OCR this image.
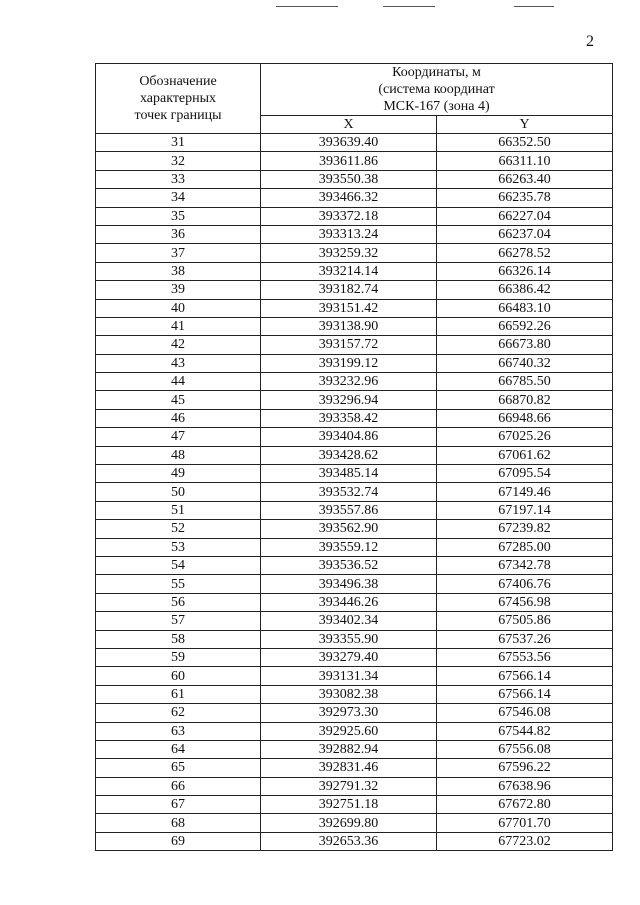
2
Обозначение
характерных
точек границы	Координаты, м
(система координат
МСК-167 (зона 4)	

	X	Y
31	393639.40	66352.50
32	393611.86	66311.10
33	393550.38	66263.40
34	393466.32	66235.78
35	393372.18	66227.04
36	393313.24	66237.04
37	393259.32	66278.52
38	393214.14	66326.14
39	393182.74	66386.42
40	393151.42	66483.10
41	393138.90	66592.26
42	393157.72	66673.80
43	393199.12	66740.32
44	393232.96	66785.50
45	393296.94	66870.82
46	393358.42	66948.66
47	393404.86	67025.26
48	393428.62	67061.62
49	393485.14	67095.54
50	393532.74	67149.46
51	393557.86	67197.14
52	393562.90	67239.82
53	393559.12	67285.00
54	393536.52	67342.78
55	393496.38	67406.76
56	393446.26	67456.98
57	393402.34	67505.86
58	393355.90	67537.26
59	393279.40	67553.56
60	393131.34	67566.14
61	393082.38	67566.14
62	392973.30	67546.08
63	392925.60	67544.82
64	392882.94	67556.08
65	392831.46	67596.22
66	392791.32	67638.96
67	392751.18	67672.80
68	392699.80	67701.70
69	392653.36	67723.02
